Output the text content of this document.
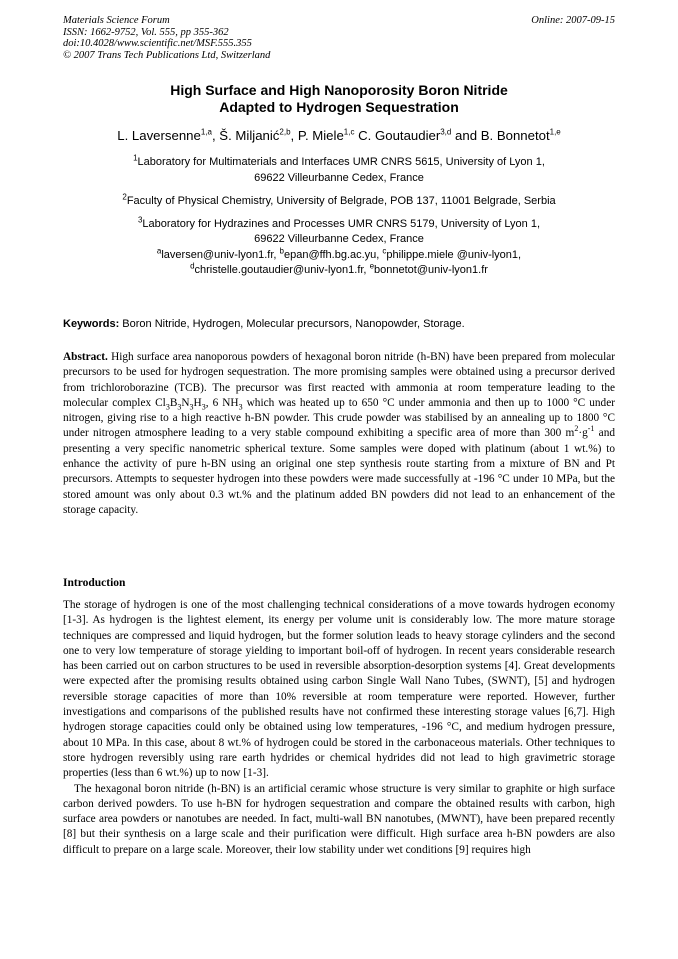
Materials Science Forum
ISSN: 1662-9752, Vol. 555, pp 355-362
doi:10.4028/www.scientific.net/MSF.555.355
© 2007 Trans Tech Publications Ltd, Switzerland
Online: 2007-09-15
High Surface and High Nanoporosity Boron Nitride
Adapted to Hydrogen Sequestration
L. Laversenne$^{1,a}$, Š. Miljanić$^{2,b}$, P. Miele$^{1,c}$ C. Goutaudier$^{3,d}$ and B. Bonnetot$^{1,e}$
$^1$Laboratory for Multimaterials and Interfaces UMR CNRS 5615, University of Lyon 1,
69622 Villeurbanne Cedex, France
$^2$Faculty of Physical Chemistry, University of Belgrade, POB 137, 11001 Belgrade, Serbia
$^3$Laboratory for Hydrazines and Processes UMR CNRS 5179, University of Lyon 1,
69622 Villeurbanne Cedex, France
$^a$laversen@univ-lyon1.fr, $^b$epan@ffh.bg.ac.yu, $^c$philippe.miele @univ-lyon1,
$^d$christelle.goutaudier@univ-lyon1.fr, $^e$bonnetot@univ-lyon1.fr
Keywords: Boron Nitride, Hydrogen, Molecular precursors, Nanopowder, Storage.
Abstract. High surface area nanoporous powders of hexagonal boron nitride (h-BN) have been prepared from molecular precursors to be used for hydrogen sequestration. The more promising samples were obtained using a precursor derived from trichloroborazine (TCB). The precursor was first reacted with ammonia at room temperature leading to the molecular complex $Cl_3B_3N_3H_3$, 6 $NH_3$ which was heated up to 650 °C under ammonia and then up to 1000 °C under nitrogen, giving rise to a high reactive h-BN powder. This crude powder was stabilised by an annealing up to 1800 °C under nitrogen atmosphere leading to a very stable compound exhibiting a specific area of more than 300 $m^2\cdot g^{-1}$ and presenting a very specific nanometric spherical texture. Some samples were doped with platinum (about 1 wt.%) to enhance the activity of pure h-BN using an original one step synthesis route starting from a mixture of BN and Pt precursors. Attempts to sequester hydrogen into these powders were made successfully at -196 °C under 10 MPa, but the stored amount was only about 0.3 wt.% and the platinum added BN powders did not lead to an enhancement of the storage capacity.
Introduction

The storage of hydrogen is one of the most challenging technical considerations of a move towards hydrogen economy [1-3]. As hydrogen is the lightest element, its energy per volume unit is considerably low. The more mature storage techniques are compressed and liquid hydrogen, but the former solution leads to heavy storage cylinders and the second one to very low temperature of storage yielding to important boil-off of hydrogen. In recent years considerable research has been carried out on carbon structures to be used in reversible absorption-desorption systems [4]. Great developments were expected after the promising results obtained using carbon Single Wall Nano Tubes, (SWNT), [5] and hydrogen reversible storage capacities of more than 10% reversible at room temperature were reported. However, further investigations and comparisons of the published results have not confirmed these interesting storage values [6,7]. High hydrogen storage capacities could only be obtained using low temperatures, -196 °C, and medium hydrogen pressure, about 10 MPa. In this case, about 8 wt.% of hydrogen could be stored in the carbonaceous materials. Other techniques to store hydrogen reversibly using rare earth hydrides or chemical hydrides did not lead to high gravimetric storage properties (less than 6 wt.%) up to now [1-3].

The hexagonal boron nitride (h-BN) is an artificial ceramic whose structure is very similar to graphite or high surface carbon derived powders. To use h-BN for hydrogen sequestration and compare the obtained results with carbon, high surface area powders or nanotubes are needed. In fact, multi-wall BN nanotubes, (MWNT), have been prepared recently [8] but their synthesis on a large scale and their purification were difficult. High surface area h-BN powders are also difficult to prepare on a large scale. Moreover, their low stability under wet conditions [9] requires high
